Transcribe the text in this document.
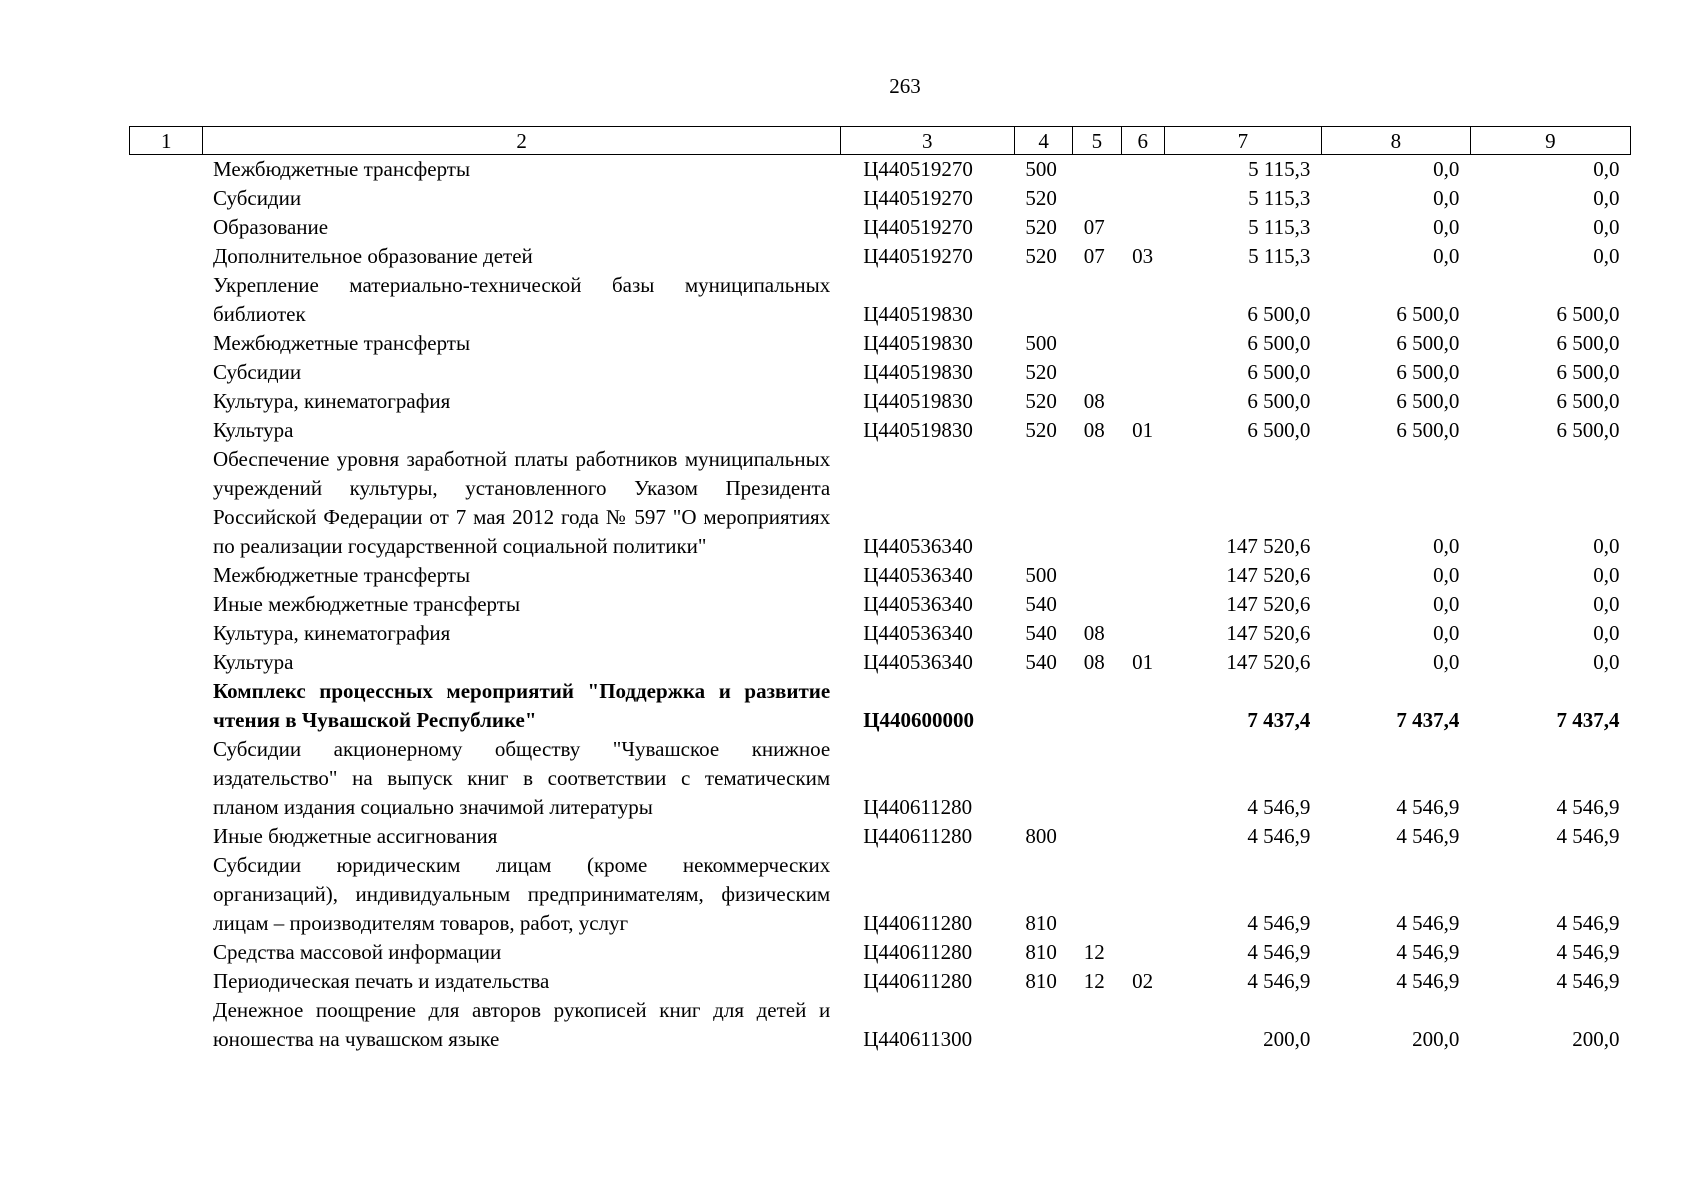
263
1	2	3	4	5	6	7	8	9
	Межбюджетные трансферты	Ц440519270	500			5 115,3	0,0	0,0
	Субсидии	Ц440519270	520			5 115,3	0,0	0,0
	Образование	Ц440519270	520	07		5 115,3	0,0	0,0
	Дополнительное образование детей	Ц440519270	520	07	03	5 115,3	0,0	0,0
	Укрепление материально-технической базы муниципальных библиотек	Ц440519830				6 500,0	6 500,0	6 500,0
	Межбюджетные трансферты	Ц440519830	500			6 500,0	6 500,0	6 500,0
	Субсидии	Ц440519830	520			6 500,0	6 500,0	6 500,0
	Культура, кинематография	Ц440519830	520	08		6 500,0	6 500,0	6 500,0
	Культура	Ц440519830	520	08	01	6 500,0	6 500,0	6 500,0
	Обеспечение уровня заработной платы работников муниципальных учреждений культуры, установленного Указом Президента Российской Федерации от 7 мая 2012 года № 597 "О мероприятиях по реализации государственной социальной политики"	Ц440536340				147 520,6	0,0	0,0
	Межбюджетные трансферты	Ц440536340	500			147 520,6	0,0	0,0
	Иные межбюджетные трансферты	Ц440536340	540			147 520,6	0,0	0,0
	Культура, кинематография	Ц440536340	540	08		147 520,6	0,0	0,0
	Культура	Ц440536340	540	08	01	147 520,6	0,0	0,0
	Комплекс процессных мероприятий "Поддержка и развитие чтения в Чувашской Республике"	Ц440600000				7 437,4	7 437,4	7 437,4
	Субсидии акционерному обществу "Чувашское книжное издательство" на выпуск книг в соответствии с тематическим планом издания социально значимой литературы	Ц440611280				4 546,9	4 546,9	4 546,9
	Иные бюджетные ассигнования	Ц440611280	800			4 546,9	4 546,9	4 546,9
	Субсидии юридическим лицам (кроме некоммерческих организаций), индивидуальным предпринимателям, физическим лицам – производителям товаров, работ, услуг	Ц440611280	810			4 546,9	4 546,9	4 546,9
	Средства массовой информации	Ц440611280	810	12		4 546,9	4 546,9	4 546,9
	Периодическая печать и издательства	Ц440611280	810	12	02	4 546,9	4 546,9	4 546,9
	Денежное поощрение для авторов рукописей книг для детей и юношества на чувашском языке	Ц440611300				200,0	200,0	200,0
